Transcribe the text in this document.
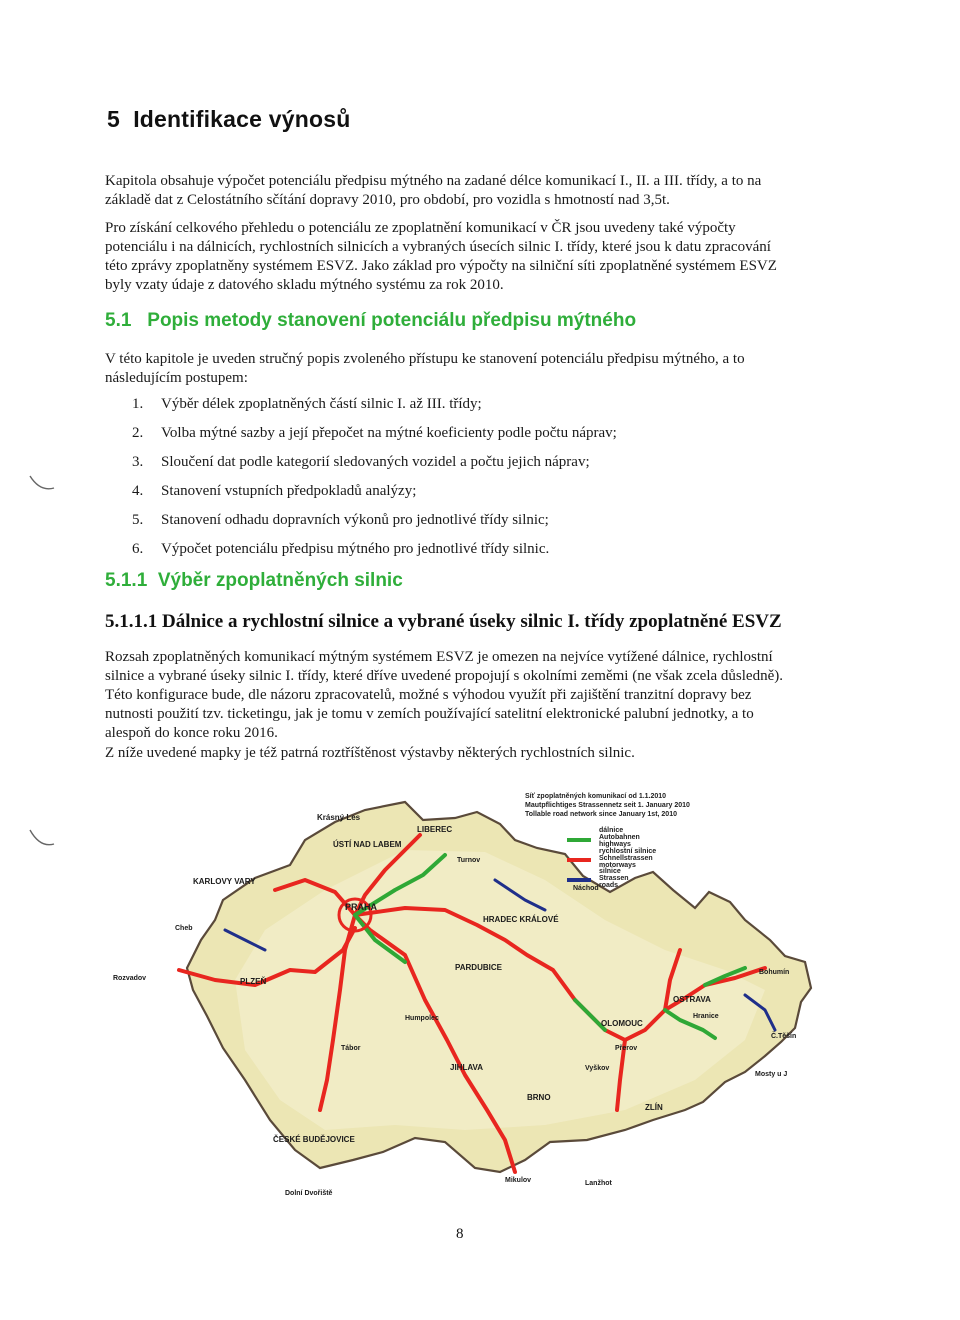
5 Identifikace výnosů

Kapitola obsahuje výpočet potenciálu předpisu mýtného na zadané délce komunikací I., II. a III. třídy, a to na
základě dat z Celostátního sčítání dopravy 2010, pro období, pro vozidla s hmotností nad 3,5t.

Pro získání celkového přehledu o potenciálu ze zpoplatnění komunikací v ČR jsou uvedeny také výpočty
potenciálu i na dálnicích, rychlostních silnicích a vybraných úsecích silnic I. třídy, které jsou k datu zpracování
této zprávy zpoplatněny systémem ESVZ. Jako základ pro výpočty na silniční síti zpoplatněné systémem ESVZ
byly vzaty údaje z datového skladu mýtného systému za rok 2010.

5.1 Popis metody stanovení potenciálu předpisu mýtného

V této kapitole je uveden stručný popis zvoleného přístupu ke stanovení potenciálu předpisu mýtného, a to
následujícím postupem:

1. Výběr délek zpoplatněných částí silnic I. až III. třídy;
2. Volba mýtné sazby a její přepočet na mýtné koeficienty podle počtu náprav;
3. Sloučení dat podle kategorií sledovaných vozidel a počtu jejich náprav;
4. Stanovení vstupních předpokladů analýzy;
5. Stanovení odhadu dopravních výkonů pro jednotlivé třídy silnic;
6. Výpočet potenciálu předpisu mýtného pro jednotlivé třídy silnic.
5.1.1 Výběr zpoplatněných silnic
5.1.1.1 Dálnice a rychlostní silnice a vybrané úseky silnic I. třídy zpoplatněné ESVZ

Rozsah zpoplatněných komunikací mýtným systémem ESVZ je omezen na nejvíce vytížené dálnice, rychlostní
silnice a vybrané úseky silnic I. třídy, které dříve uvedené propojují s okolními zeměmi (ne však zcela důsledně).
Této konfigurace bude, dle názoru zpracovatelů, možné s výhodou využít při zajištění tranzitní dopravy bez
nutnosti použití tzv. ticketingu, jak je tomu v zemích používající satelitní elektronické palubní jednotky, a to
alespoň do konce roku 2016.

Z níže uvedené mapky je též patrná roztříštěnost výstavby některých rychlostních silnic.

Krásný Les
ÚSTÍ NAD LABEM
LIBEREC
KARLOVY VARY
PRAHA
HRADEC KRÁLOVÉ
PLZEŇ
PARDUBICE
Rozvadov
OSTRAVA
Bohumín
OLOMOUC
JIHLAVA
BRNO
ZLÍN
ČESKÉ BUDĚJOVICE
Mikulov	Lanžhot
Dolní Dvořiště
Mosty u J
Č.Těšín
Náchod
Turnov
Cheb
Tábor
Humpolec
Přerov
Hranice
Vyškov
Síť zpoplatněných komunikací od 1.1.2010
Mautpflichtiges Strassennetz seit 1. January 2010
Tollable road network since January 1st, 2010
dálnice
Autobahnen
highways
rychlostní silnice
Schnellstrassen
motorways
silnice
Strassen
roads

8
